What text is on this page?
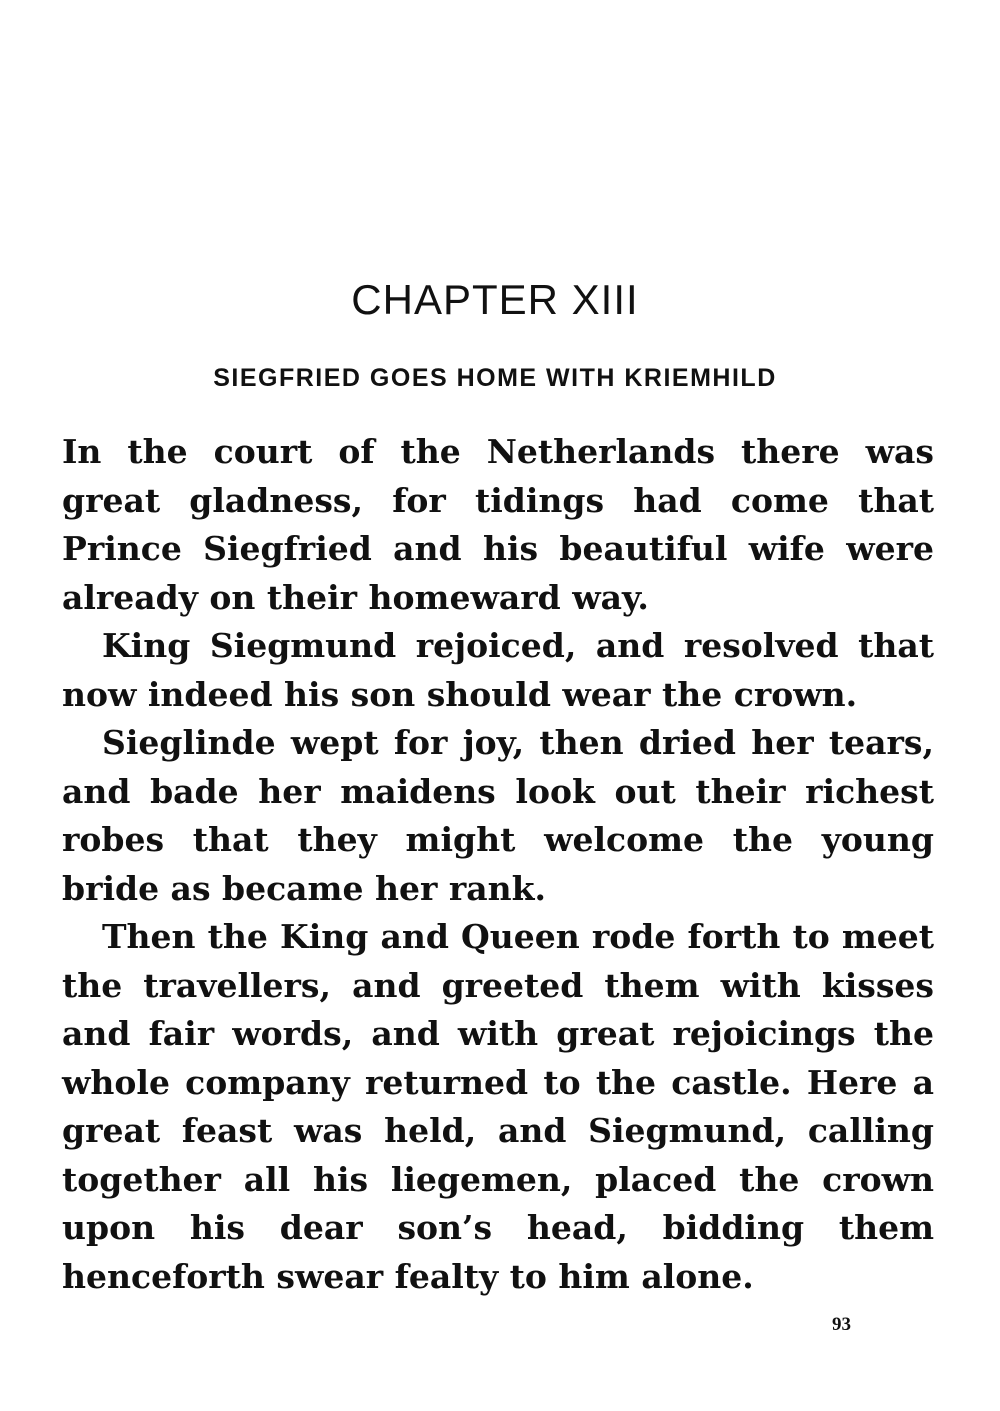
CHAPTER XIII
SIEGFRIED GOES HOME WITH KRIEMHILD

In the court of the Netherlands there was great gladness, for tidings had come that Prince Siegfried and his beautiful wife were already on their homeward way.

King Siegmund rejoiced, and resolved that now indeed his son should wear the crown.

Sieglinde wept for joy, then dried her tears, and bade her maidens look out their richest robes that they might welcome the young bride as became her rank.

Then the King and Queen rode forth to meet the travellers, and greeted them with kisses and fair words, and with great rejoicings the whole company returned to the castle. Here a great feast was held, and Siegmund, calling together all his liegemen, placed the crown upon his dear son’s head, bidding them henceforth swear fealty to him alone.

93
